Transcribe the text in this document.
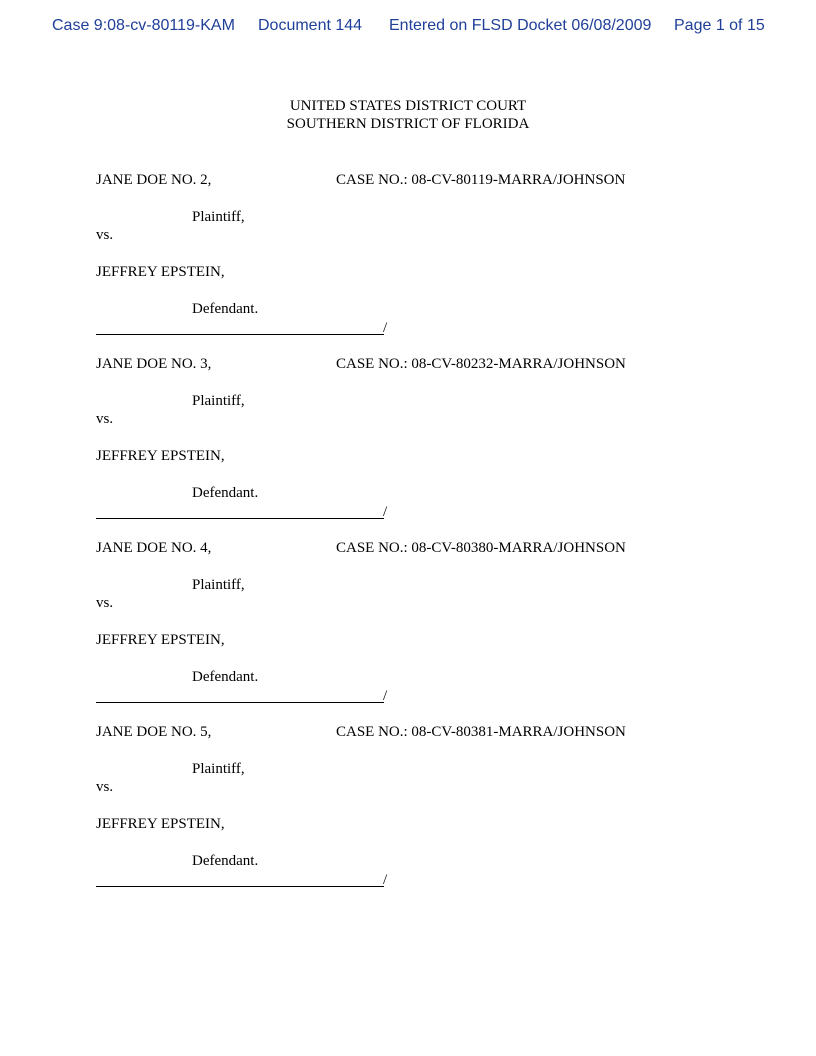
Case 9:08-cv-80119-KAM Document 144 Entered on FLSD Docket 06/08/2009 Page 1 of 15
UNITED STATES DISTRICT COURT
SOUTHERN DISTRICT OF FLORIDA
JANE DOE NO. 2,	CASE NO.: 08-CV-80119-MARRA/JOHNSON
Plaintiff,
vs.
JEFFREY EPSTEIN,
Defendant.
/
JANE DOE NO. 3,	CASE NO.: 08-CV-80232-MARRA/JOHNSON
Plaintiff,
vs.
JEFFREY EPSTEIN,
Defendant.
/
JANE DOE NO. 4,	CASE NO.: 08-CV-80380-MARRA/JOHNSON
Plaintiff,
vs.
JEFFREY EPSTEIN,
Defendant.
/
JANE DOE NO. 5,	CASE NO.: 08-CV-80381-MARRA/JOHNSON
Plaintiff,
vs.
JEFFREY EPSTEIN,
Defendant.
/
